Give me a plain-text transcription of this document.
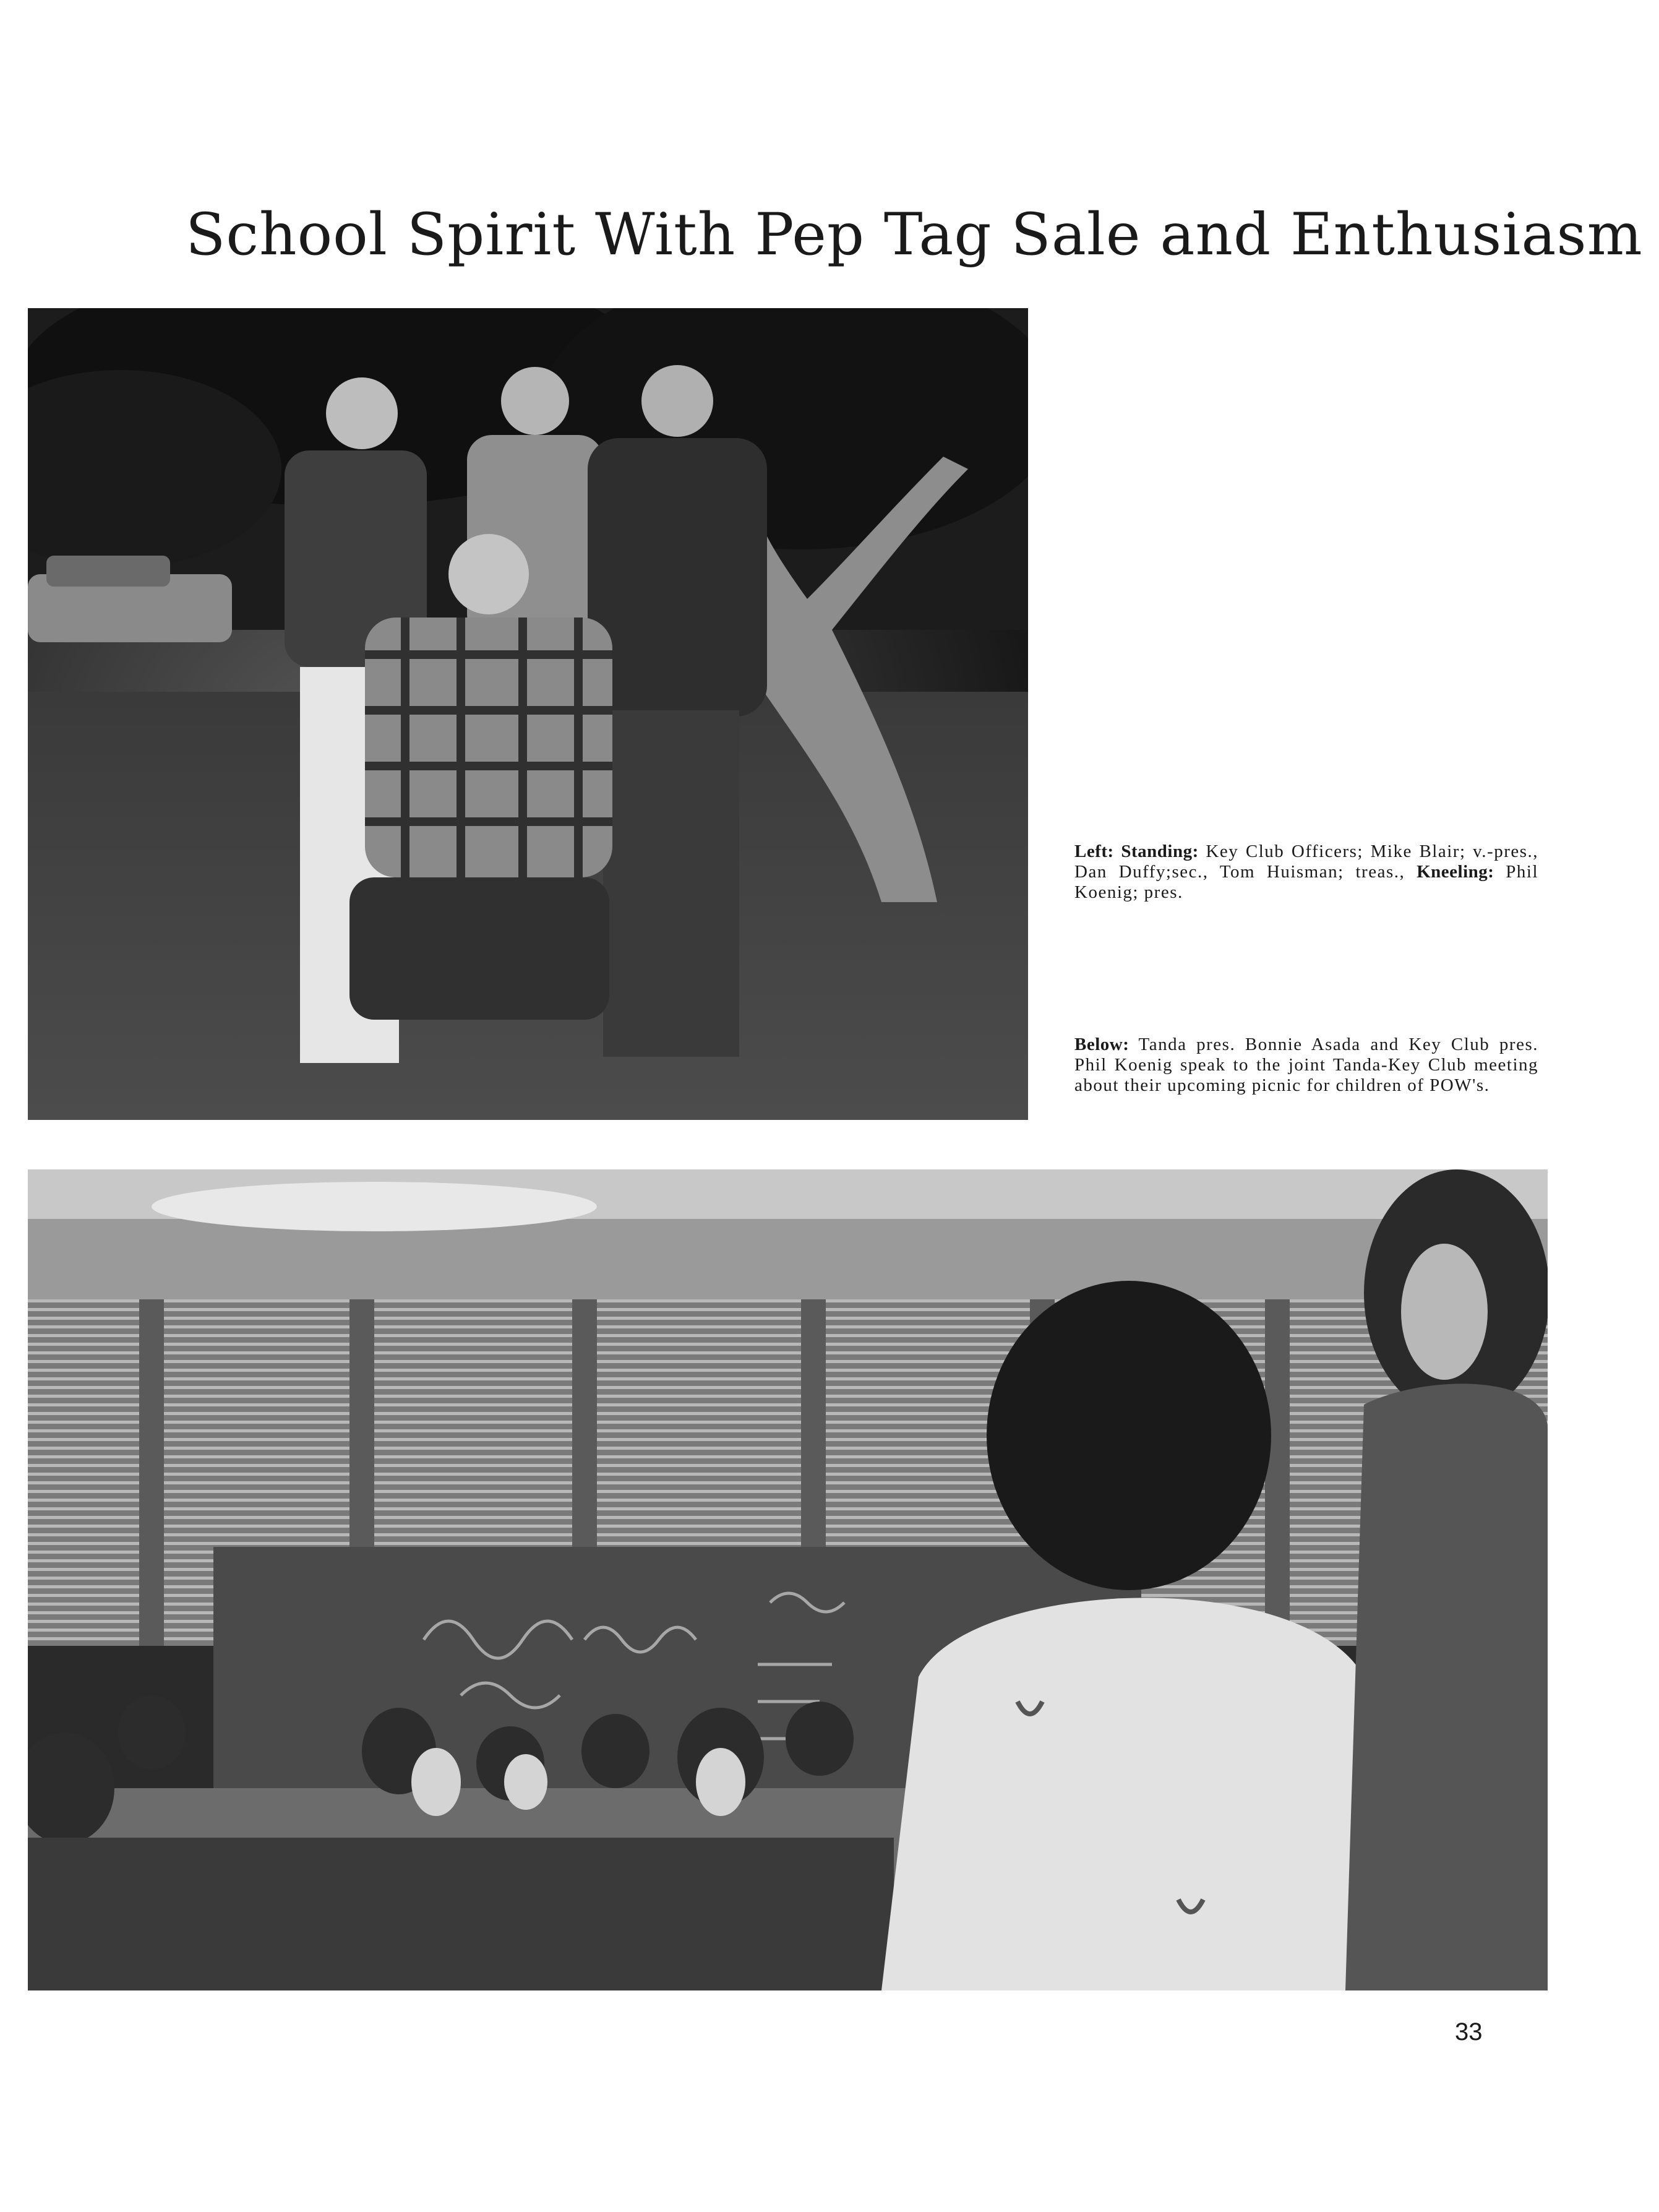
School Spirit With Pep Tag Sale and Enthusiasm
Left: Standing: Key Club Officers; Mike Blair; v.-pres., Dan Duffy;sec., Tom Huisman; treas., Kneeling: Phil Koenig; pres.
Below: Tanda pres. Bonnie Asada and Key Club pres. Phil Koenig speak to the joint Tanda-Key Club meeting about their upcoming picnic for children of POW's.
33
